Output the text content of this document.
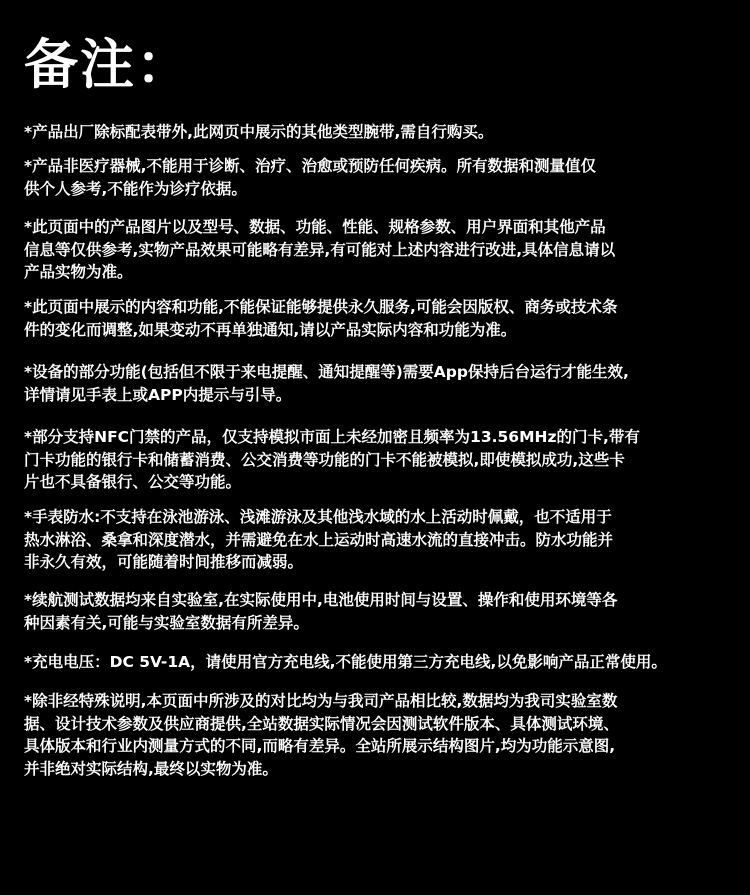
备注：
*产品出厂除标配表带外,此网页中展示的其他类型腕带,需自行购买。
*产品非医疗器械,不能用于诊断、治疗、治愈或预防任何疾病。所有数据和测量值仅
供个人参考,不能作为诊疗依据。
*此页面中的产品图片以及型号、数据、功能、性能、规格参数、用户界面和其他产品
信息等仅供参考,实物产品效果可能略有差异,有可能对上述内容进行改进,具体信息请以
产品实物为准。
*此页面中展示的内容和功能,不能保证能够提供永久服务,可能会因版权、商务或技术条
件的变化而调整,如果变动不再单独通知,请以产品实际内容和功能为准。
*设备的部分功能(包括但不限于来电提醒、通知提醒等)需要App保持后台运行才能生效,
详情请见手表上或APP内提示与引导。
*部分支持NFC门禁的产品，仅支持模拟市面上未经加密且频率为13.56MHz的门卡,带有
门卡功能的银行卡和储蓄消费、公交消费等功能的门卡不能被模拟,即使模拟成功,这些卡
片也不具备银行、公交等功能。
*手表防水:不支持在泳池游泳、浅滩游泳及其他浅水域的水上活动时佩戴，也不适用于
热水淋浴、桑拿和深度潜水，并需避免在水上运动时高速水流的直接冲击。防水功能并
非永久有效，可能随着时间推移而减弱。
*续航测试数据均来自实验室,在实际使用中,电池使用时间与设置、操作和使用环境等各
种因素有关,可能与实验室数据有所差异。
*充电电压：DC 5V-1A，请使用官方充电线,不能使用第三方充电线,以免影响产品正常使用。
*除非经特殊说明,本页面中所涉及的对比均为与我司产品相比较,数据均为我司实验室数
据、设计技术参数及供应商提供,全站数据实际情况会因测试软件版本、具体测试环境、
具体版本和行业内测量方式的不同,而略有差异。全站所展示结构图片,均为功能示意图,
并非绝对实际结构,最终以实物为准。
